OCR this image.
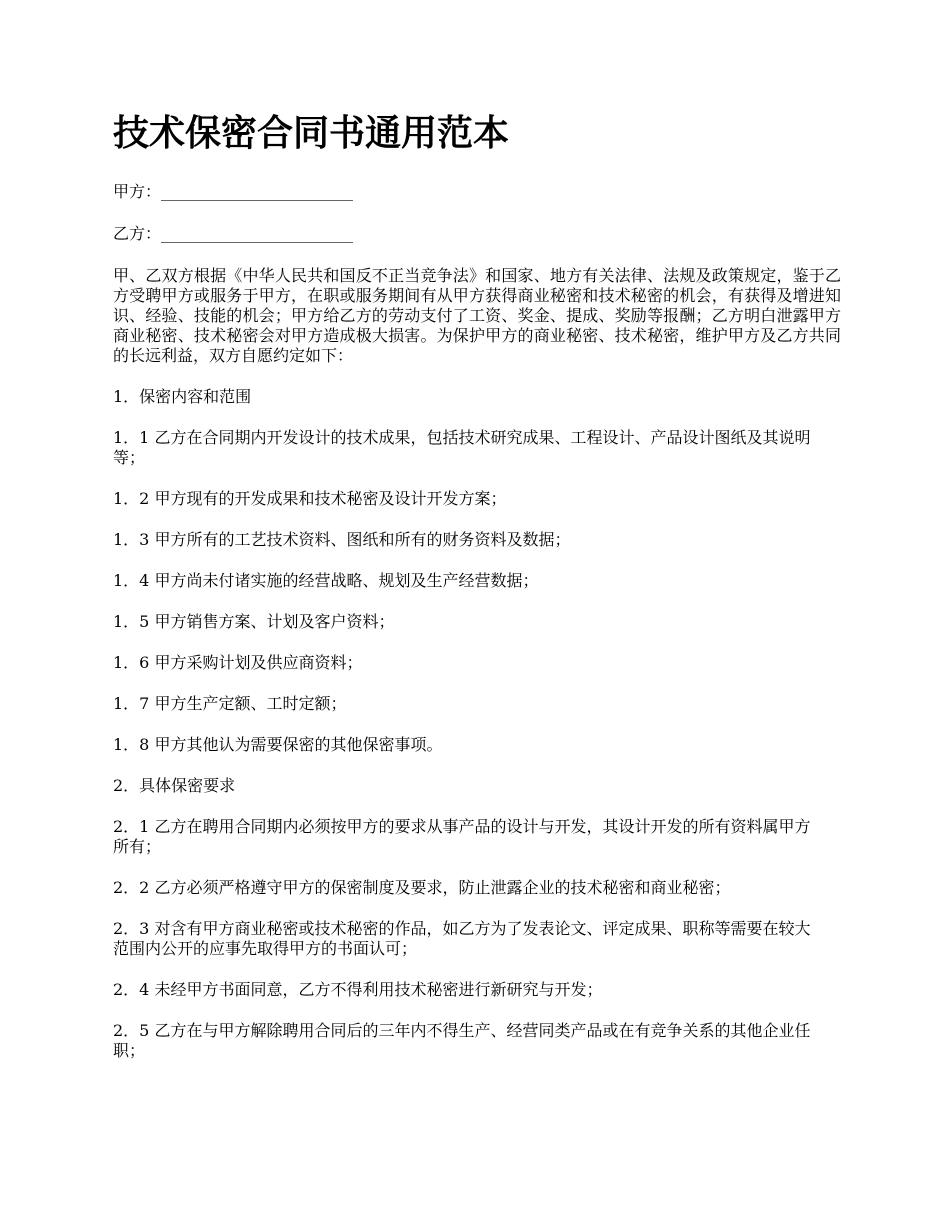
技术保密合同书通用范本

甲方：________________________

乙方：________________________

甲、乙双方根据《中华人民共和国反不正当竞争法》和国家、地方有关法律、法规及政策规定，鉴于乙方受聘甲方或服务于甲方，在职或服务期间有从甲方获得商业秘密和技术秘密的机会，有获得及增进知识、经验、技能的机会；甲方给乙方的劳动支付了工资、奖金、提成、奖励等报酬；乙方明白泄露甲方商业秘密、技术秘密会对甲方造成极大损害。为保护甲方的商业秘密、技术秘密，维护甲方及乙方共同的长远利益，双方自愿约定如下：

1．保密内容和范围

1．1 乙方在合同期内开发设计的技术成果，包括技术研究成果、工程设计、产品设计图纸及其说明等；

1．2 甲方现有的开发成果和技术秘密及设计开发方案；

1．3 甲方所有的工艺技术资料、图纸和所有的财务资料及数据；

1．4 甲方尚未付诸实施的经营战略、规划及生产经营数据；

1．5 甲方销售方案、计划及客户资料；

1．6 甲方采购计划及供应商资料；

1．7 甲方生产定额、工时定额；

1．8 甲方其他认为需要保密的其他保密事项。

2．具体保密要求

2．1 乙方在聘用合同期内必须按甲方的要求从事产品的设计与开发，其设计开发的所有资料属甲方所有；

2．2 乙方必须严格遵守甲方的保密制度及要求，防止泄露企业的技术秘密和商业秘密；

2．3 对含有甲方商业秘密或技术秘密的作品，如乙方为了发表论文、评定成果、职称等需要在较大范围内公开的应事先取得甲方的书面认可；

2．4 未经甲方书面同意，乙方不得利用技术秘密进行新研究与开发；

2．5 乙方在与甲方解除聘用合同后的三年内不得生产、经营同类产品或在有竞争关系的其他企业任职；
